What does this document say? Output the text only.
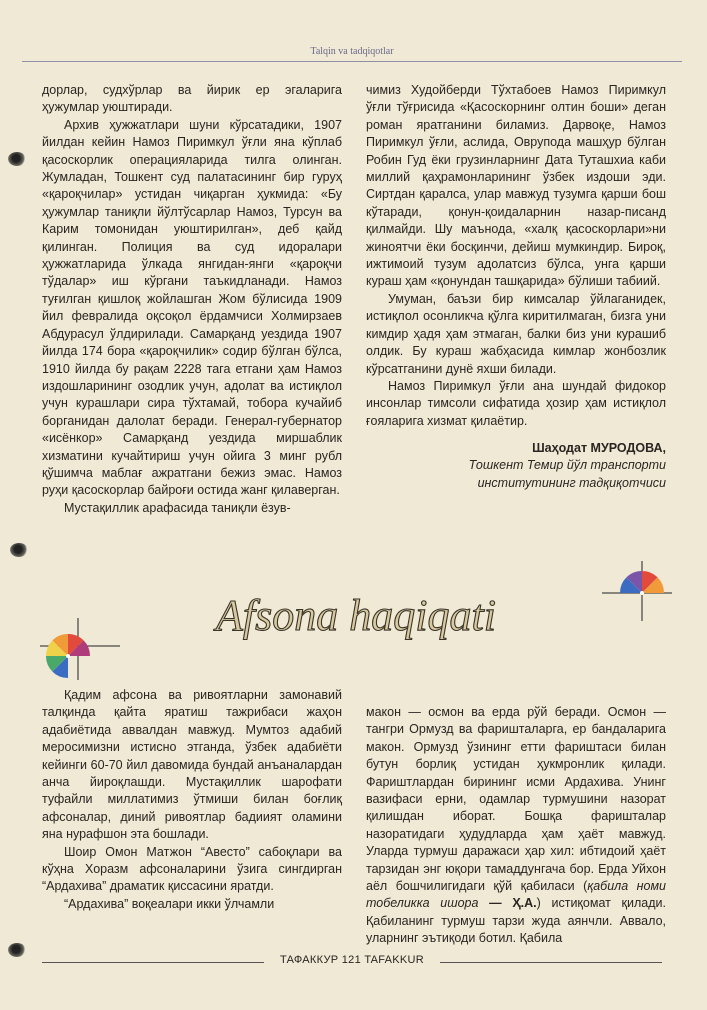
Talqin va tadqiqotlar

дорлар, судхўрлар ва йирик ер эгаларига ҳужумлар уюштиради.

Архив ҳужжатлари шуни кўрсатадики, 1907 йилдан кейин Намоз Пиримкул ўғли яна кўплаб қасоскорлик операцияларида тилга олинган. Жумладан, Тошкент суд палатасининг бир гуруҳ «қароқчилар» устидан чиқарган ҳукмида: «Бу ҳужумлар таниқли йўлтўсарлар Намоз, Турсун ва Карим томонидан уюштирилган», деб қайд қилинган. Полиция ва суд идоралари ҳужжатларида ўлкада янгидан-янги «қароқчи тўдалар» иш кўргани таъкидланади. Намоз туғилган қишлоқ жойлашган Жом бўлисида 1909 йил февралида оқсоқол ёрдамчиси Холмирзаев Абдурасул ўлдирилади. Самарқанд уездида 1907 йилда 174 бора «қароқчилик» содир бўлган бўлса, 1910 йилда бу рақам 2228 тага етгани ҳам Намоз издошларининг озодлик учун, адолат ва истиқлол учун курашлари сира тўхтамай, тобора кучайиб борганидан далолат беради. Генерал-губернатор «исёнкор» Самарқанд уездида миршаблик хизматини кучайтириш учун ойига 3 минг рубл қўшимча маблағ ажратгани бежиз эмас. Намоз руҳи қасоскорлар байроғи остида жанг қилаверган.

Мустақиллик арафасида таниқли ёзув-

чимиз Худойберди Тўхтабоев Намоз Пиримкул ўғли тўғрисида «Қасоскорнинг олтин боши» деган роман яратганини биламиз. Дарвоқе, Намоз Пиримкул ўғли, аслида, Оврупода машҳур бўлган Робин Гуд ёки грузинларнинг Дата Туташхиа каби миллий қаҳрамонларининг ўзбек издоши эди. Сиртдан қаралса, улар мавжуд тузумга қарши бош кўтаради, қонун-қоидаларнин назар-писанд қилмайди. Шу маънода, «халқ қасоскорлари»ни жиноятчи ёки босқинчи, дейиш мумкиндир. Бироқ, ижтимоий тузум адолатсиз бўлса, унга қарши кураш ҳам «қонундан ташқарида» бўлиши табиий.

Умуман, баъзи бир кимсалар ўйлаганидек, истиқлол осонликча қўлга киритилмаган, бизга уни кимдир ҳадя ҳам этмаган, балки биз уни курашиб олдик. Бу кураш жабҳасида кимлар жонбозлик кўрсатганини дунё яхши билади.

Намоз Пиримкул ўғли ана шундай фидокор инсонлар тимсоли сифатида ҳозир ҳам истиқлол ғояларига хизмат қилаётир.

Шаҳодат МУРОДОВА,
Тошкент Темир йўл транспорти
институтининг тадқиқотчиси
Afsona haqiqati

Қадим афсона ва ривоятларни замонавий талқинда қайта яратиш тажрибаси жаҳон адабиётида аввалдан мавжуд. Мумтоз адабий меросимизни истисно этганда, ўзбек адабиёти кейинги 60-70 йил давомида бундай анъаналардан анча йироқлашди. Мустақиллик шарофати туфайли миллатимиз ўтмиши билан боғлиқ афсоналар, диний ривоятлар бадиият оламини яна нурафшон эта бошлади.

Шоир Омон Матжон “Авесто” сабоқлари ва кўҳна Хоразм афсоналарини ўзига сингдирган “Ардахива” драматик қиссасини яратди.

“Ардахива” воқеалари икки ўлчамли

макон — осмон ва ерда рўй беради. Осмон — тангри Ормузд ва фаришталарга, ер бандаларига макон. Ормузд ўзининг етти фариштаси билан бутун борлиқ устидан ҳукмронлик қилади. Фариштлардан бирининг исми Ардахива. Унинг вазифаси ерни, одамлар турмушини назорат қилишдан иборат. Бошқа фаришталар назоратидаги ҳудудларда ҳам ҳаёт мавжуд. Уларда турмуш даражаси ҳар хил: ибтидоий ҳаёт тарзидан энг юқори тамаддунгача бор. Ерда Уйхон аёл бошчилигидаги қўй қабиласи (қабила номи тобеликка ишора — Ҳ.А.) истиқомат қилади. Қабиланинг турмуш тарзи жуда аянчли. Аввало, уларнинг эътиқоди ботил. Қабила

ТАФАККУР 121 TAFAKKUR
